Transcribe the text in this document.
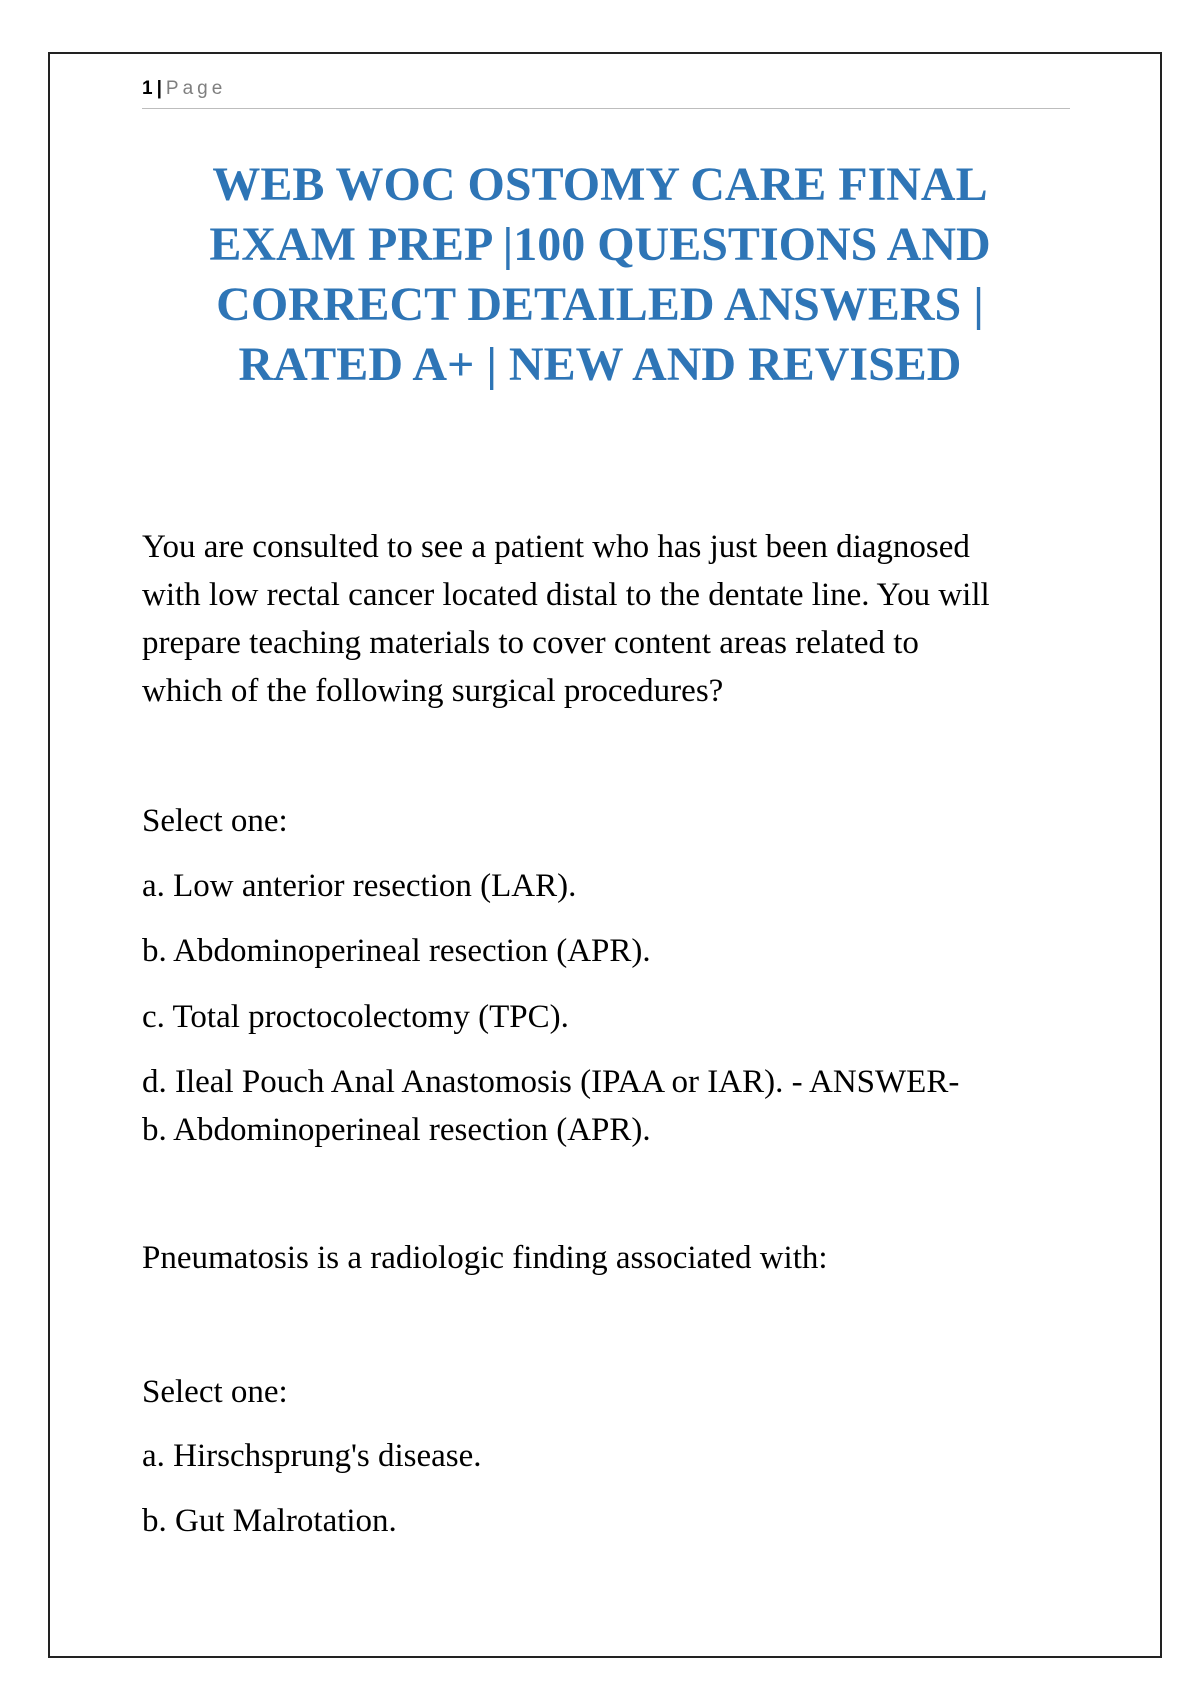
1 | Page
WEB WOC OSTOMY CARE FINAL
EXAM PREP |100 QUESTIONS AND
CORRECT DETAILED ANSWERS |
RATED A+ | NEW AND REVISED
You are consulted to see a patient who has just been diagnosed
with low rectal cancer located distal to the dentate line. You will
prepare teaching materials to cover content areas related to
which of the following surgical procedures?
Select one:
a. Low anterior resection (LAR).
b. Abdominoperineal resection (APR).
c. Total proctocolectomy (TPC).
d. Ileal Pouch Anal Anastomosis (IPAA or IAR). - ANSWER-
b. Abdominoperineal resection (APR).
Pneumatosis is a radiologic finding associated with:
Select one:
a. Hirschsprung's disease.
b. Gut Malrotation.
